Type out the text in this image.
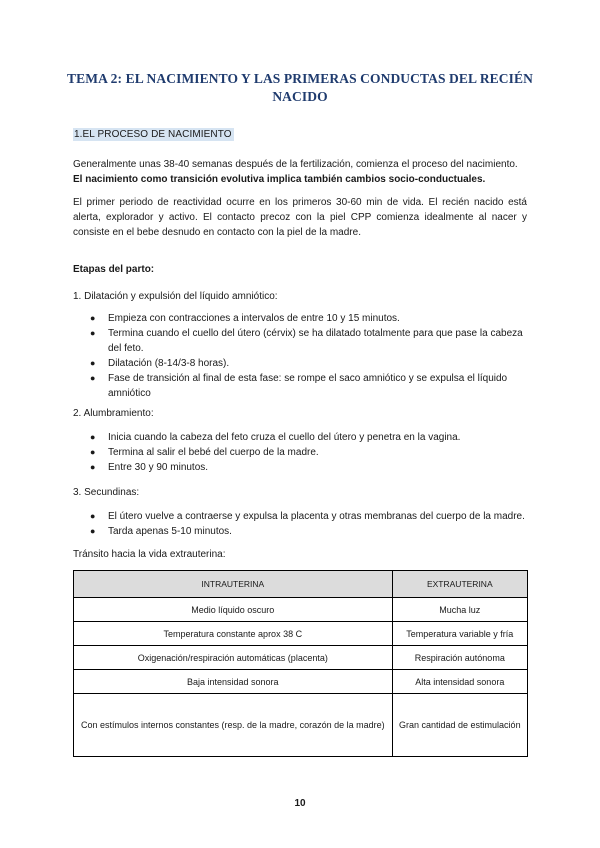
TEMA 2: EL NACIMIENTO Y LAS PRIMERAS CONDUCTAS DEL RECIÉN NACIDO
1.EL PROCESO DE NACIMIENTO
Generalmente unas 38-40 semanas después de la fertilización, comienza el proceso del nacimiento.
El nacimiento como transición evolutiva implica también cambios socio-conductuales.
El primer periodo de reactividad ocurre en los primeros 30-60 min de vida. El recién nacido está alerta, explorador y activo. El contacto precoz con la piel CPP comienza idealmente al nacer y consiste en el bebe desnudo en contacto con la piel de la madre.
Etapas del parto:
1. Dilatación y expulsión del líquido amniótico:
● Empieza con contracciones a intervalos de entre 10 y 15 minutos.
● Termina cuando el cuello del útero (cérvix) se ha dilatado totalmente para que pase la cabeza del feto.
● Dilatación (8-14/3-8 horas).
● Fase de transición al final de esta fase: se rompe el saco amniótico y se expulsa el líquido amniótico
2. Alumbramiento:
● Inicia cuando la cabeza del feto cruza el cuello del útero y penetra en la vagina.
● Termina al salir el bebé del cuerpo de la madre.
● Entre 30 y 90 minutos.
3. Secundinas:
● El útero vuelve a contraerse y expulsa la placenta y otras membranas del cuerpo de la madre.
● Tarda apenas 5-10 minutos.
Tránsito hacia la vida extrauterina:
INTRAUTERINA	EXTRAUTERINA
Medio líquido oscuro	Mucha luz
Temperatura constante aprox 38 C	Temperatura variable y fría
Oxigenación/respiración automáticas (placenta)	Respiración autónoma
Baja intensidad sonora	Alta intensidad sonora
Con estímulos internos constantes (resp. de la madre, corazón de la madre)	Gran cantidad de estimulación
10
